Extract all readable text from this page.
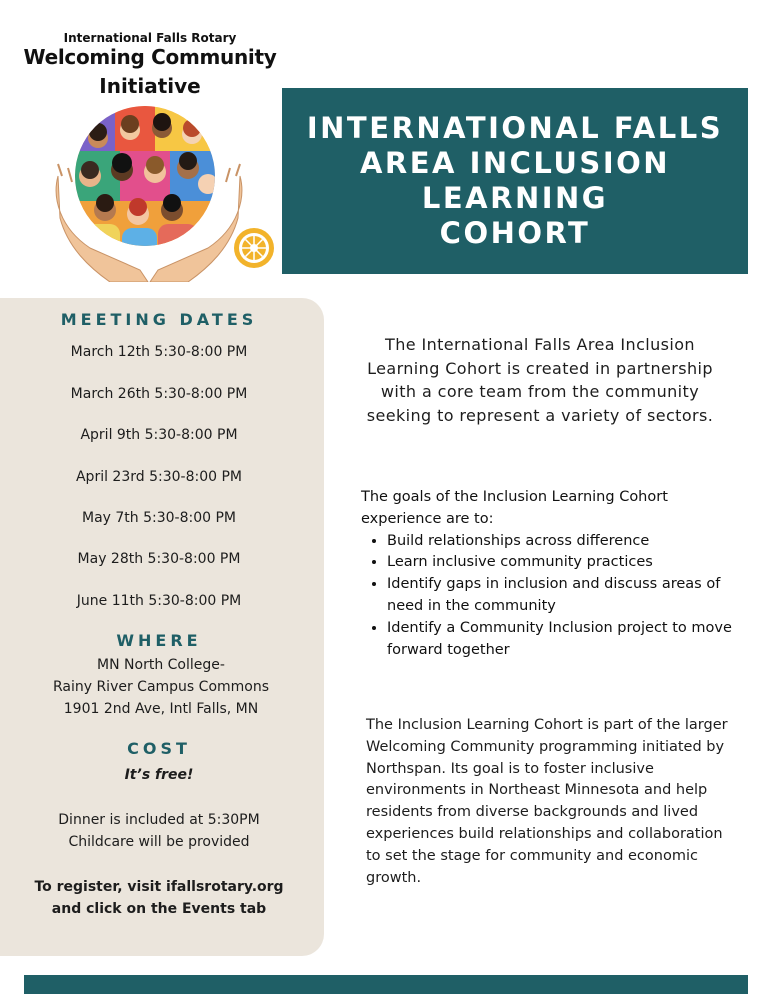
International Falls Rotary
Welcoming Community
Initiative
INTERNATIONAL FALLS
AREA INCLUSION
LEARNING
COHORT
MEETING DATES
March 12th 5:30-8:00 PM
March 26th 5:30-8:00 PM
April 9th 5:30-8:00 PM
April 23rd 5:30-8:00 PM
May 7th 5:30-8:00 PM
May 28th 5:30-8:00 PM
June 11th 5:30-8:00 PM
WHERE
MN North College-
Rainy River Campus Commons
1901 2nd Ave, Intl Falls, MN
COST
It’s free!
Dinner is included at 5:30PM
Childcare will be provided
To register, visit ifallsrotary.org
and click on the Events tab
The International Falls Area Inclusion Learning Cohort is created in partnership with a core team from the community seeking to represent a variety of sectors.
The goals of the Inclusion Learning Cohort experience are to:
• Build relationships across difference
• Learn inclusive community practices
• Identify gaps in inclusion and discuss areas of need in the community
• Identify a Community Inclusion project to move forward together
The Inclusion Learning Cohort is part of the larger Welcoming Community programming initiated by Northspan. Its goal is to foster inclusive environments in Northeast Minnesota and help residents from diverse backgrounds and lived experiences build relationships and collaboration to set the stage for community and economic growth.
